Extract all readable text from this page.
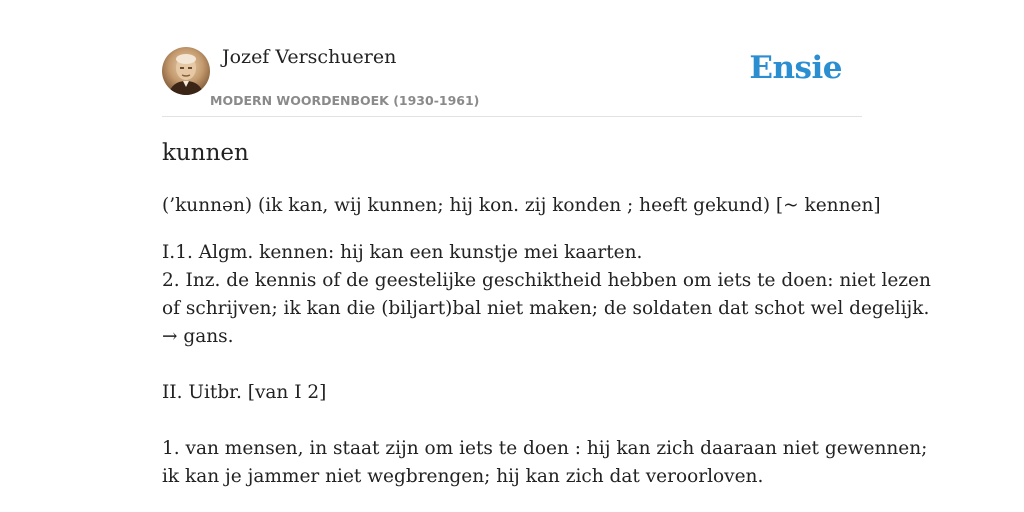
Jozef Verschueren
MODERN WOORDENBOEK (1930-1961)
Ensie
kunnen
(’kunnən) (ik kan, wij kunnen; hij kon. zij konden ; heeft gekund) [~ kennen]
I.1. Algm. kennen: hij kan een kunstje mei kaarten.
2. Inz. de kennis of de geestelijke geschiktheid hebben om iets te doen: niet lezen
of schrijven; ik kan die (biljart)bal niet maken; de soldaten dat schot wel degelijk.
→ gans.
II. Uitbr. [van I 2]
1. van mensen, in staat zijn om iets te doen : hij kan zich daaraan niet gewennen;
ik kan je jammer niet wegbrengen; hij kan zich dat veroorloven.
